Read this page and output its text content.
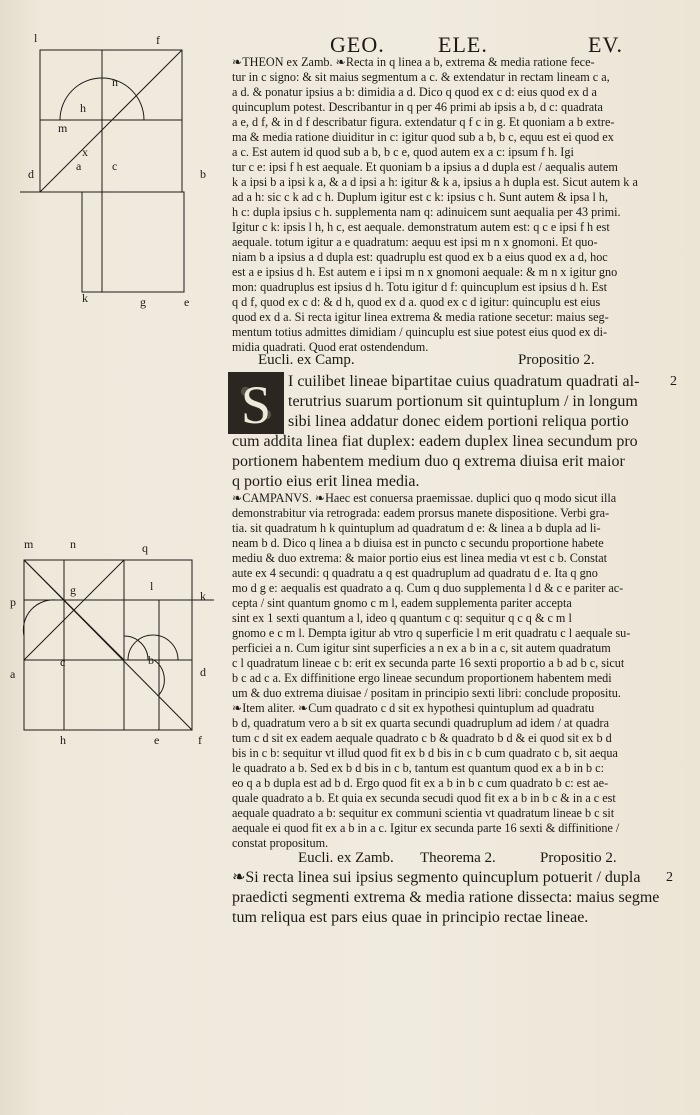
GEO. ELE.	EV.
l	f
n
h
m
x
d
a	c
b
k	g	e
❧THEON ex Zamb. ❧Recta in q linea a b, extrema & media ratione fece-
tur in c signo: & sit maius segmentum a c. & extendatur in rectam lineam c a,
a d. & ponatur ipsius a b: dimidia a d. Dico q quod ex c d: eius quod ex d a
quincuplum potest. Describantur in q per 46 primi ab ipsis a b, d c: quadrata
a e, d f, & in d f describatur figura. extendatur q f c in g. Et quoniam a b extre-
ma & media ratione diuiditur in c: igitur quod sub a b, b c, equu est ei quod ex
a c. Est autem id quod sub a b, b c e, quod autem ex a c: ipsum f h. Igi
tur c e: ipsi f h est aequale. Et quoniam b a ipsius a d dupla est / aequalis autem
k a ipsi b a ipsi k a, & a d ipsi a h: igitur & k a, ipsius a h dupla est. Sicut autem k a
ad a h: sic c k ad c h. Duplum igitur est c k: ipsius c h. Sunt autem & ipsa l h,
h c: dupla ipsius c h. supplementa nam q: adinuicem sunt aequalia per 43 primi.
Igitur c k: ipsis l h, h c, est aequale. demonstratum autem est: q c e ipsi f h est
aequale. totum igitur a e quadratum: aequu est ipsi m n x gnomoni. Et quo-
niam b a ipsius a d dupla est: quadruplu est quod ex b a eius quod ex a d, hoc
est a e ipsius d h. Est autem e i ipsi m n x gnomoni aequale: & m n x igitur gno
mon: quadruplus est ipsius d h. Totu igitur d f: quincuplum est ipsius d h. Est
q d f, quod ex c d: & d h, quod ex d a. quod ex c d igitur: quincuplu est eius
quod ex d a. Si recta igitur linea extrema & media ratione secetur: maius seg-
mentum totius admittes dimidiam / quincuplu est siue potest eius quod ex di-
midia quadrati. Quod erat ostendendum.
Eucli. ex Camp.	Propositio 2.
S	I cuilibet lineae bipartitae cuius quadratum quadrati al-
terutrius suarum portionum sit quintuplum / in longum
sibi linea addatur donec eidem portioni reliqua portio
cum addita linea fiat duplex: eadem duplex linea secundum pro
portionem habentem medium duo q extrema diuisa erit maior
q portio eius erit linea media.
2
m	n	q
p
g	l
k
c	b
a	d
h	e	f
❧CAMPANVS. ❧Haec est conuersa praemissae. duplici quo q modo sicut illa
demonstrabitur via retrograda: eadem prorsus manete dispositione. Verbi gra-
tia. sit quadratum h k quintuplum ad quadratum d e: & linea a b dupla ad li-
neam b d. Dico q linea a b diuisa est in puncto c secundu proportione habete
mediu & duo extrema: & maior portio eius est linea media vt est c b. Constat
aute ex 4 secundi: q quadratu a q est quadruplum ad quadratu d e. Ita q gno
mo d g e: aequalis est quadrato a q. Cum q duo supplementa l d & c e pariter ac-
cepta / sint quantum gnomo c m l, eadem supplementa pariter accepta
sint ex 1 sexti quantum a l, ideo q quantum c q: sequitur q c q & c m l
gnomo e c m l. Dempta igitur ab vtro q superficie l m erit quadratu c l aequale su-
perficiei a n. Cum igitur sint superficies a n ex a b in a c, sit autem quadratum
c l quadratum lineae c b: erit ex secunda parte 16 sexti proportio a b ad b c, sicut
b c ad c a. Ex diffinitione ergo lineae secundum proportionem habentem medi
um & duo extrema diuisae / positam in principio sexti libri: conclude propositu.
❧Item aliter. ❧Cum quadrato c d sit ex hypothesi quintuplum ad quadratu
b d, quadratum vero a b sit ex quarta secundi quadruplum ad idem / at quadra
tum c d sit ex eadem aequale quadrato c b & quadrato b d & ei quod sit ex b d
bis in c b: sequitur vt illud quod fit ex b d bis in c b cum quadrato c b, sit aequa
le quadrato a b. Sed ex b d bis in c b, tantum est quantum quod ex a b in b c:
eo q a b dupla est ad b d. Ergo quod fit ex a b in b c cum quadrato b c: est ae-
quale quadrato a b. Et quia ex secunda secudi quod fit ex a b in b c & in a c est
aequale quadrato a b: sequitur ex communi scientia vt quadratum lineae b c sit
aequale ei quod fit ex a b in a c. Igitur ex secunda parte 16 sexti & diffinitione /
constat propositum.
Eucli. ex Zamb. Theorema 2.	Propositio 2.
❧Si recta linea sui ipsius segmento quincuplum potuerit / dupla
praedicti segmenti extrema & media ratione dissecta: maius segme
tum reliqua est pars eius quae in principio rectae lineae.
2
